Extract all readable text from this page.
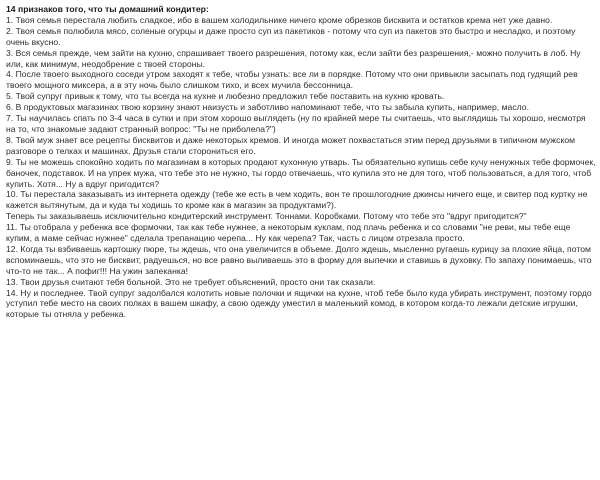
14 признаков того, что ты домашний кондитер:

1. Твоя семья перестала любить сладкое, ибо в вашем холодильнике ничего кроме обрезков бисквита и остатков крема нет уже давно.

2. Твоя семья полюбила мясо, соленые огурцы и даже просто суп из пакетиков - потому что суп из пакетов это быстро и несладко, и поэтому очень вкусно.

3. Вся семья прежде, чем зайти на кухню, спрашивает твоего разрешения, потому как, если зайти без разрешения,- можно получить в лоб. Ну или, как минимум, неодобрение с твоей стороны.

4. После твоего выходного соседи утром заходят к тебе, чтобы узнать: все ли в порядке. Потому что они привыкли засыпать под гудящий рев твоего мощного миксера, а в эту ночь было слишком тихо, и всех мучила бессонница.

5. Твой супруг привык к тому, что ты всегда на кухне и любезно предложил тебе поставить на кухню кровать.

6. В продуктовых магазинах твою корзину знают наизусть и заботливо напоминают тебе, что ты забыла купить, например, масло.

7. Ты научилась спать по 3-4 часа в сутки и при этом хорошо выглядеть (ну по крайней мере ты считаешь, что выглядишь ты хорошо, несмотря на то, что знакомые задают странный вопрос: "Ты не приболела?")

8. Твой муж знает все рецепты бисквитов и даже некоторых кремов. И иногда может похвастаться этим перед друзьями в типичном мужском разговоре о телках и машинах. Друзья стали сторониться его.

9. Ты не можешь спокойно ходить по магазинам в которых продают кухонную утварь. Ты обязательно купишь себе кучу ненужных тебе формочек, баночек, подставок. И на упрек мужа, что тебе это не нужно, ты гордо отвечаешь, что купила это не для того, чтоб пользоваться, а для того, чтоб купить. Хотя... Ну а вдруг пригодится?

10. Ты перестала заказывать из интернета одежду (тебе же есть в чем ходить, вон те прошлогодние джинсы ничего еще, и свитер под куртку не кажется вытянутым, да и куда ты ходишь то кроме как в магазин за продуктами?).

Теперь ты заказываешь исключительно кондитерский инструмент. Тоннами. Коробками. Потому что тебе это "вдруг пригодится?"

11. Ты отобрала у ребенка все формочки, так как тебе нужнее, а некоторым куклам, под плачь ребенка и со словами "не реви, мы тебе еще купим, а маме сейчас нужнее" сделала трепанацию черепа... Ну как черепа? Так, часть с лицом отрезала просто.

12. Когда ты взбиваешь картошку пюре, ты ждешь, что она увеличится в объеме. Долго ждешь, мысленно ругаешь курицу за плохие яйца, потом вспоминаешь, что это не бисквит, радуешься, но все равно выливаешь это в форму для выпечки и ставишь в духовку. По запаху понимаешь, что что-то не так... А пофиг!!! На ужин запеканка!

13. Твои друзья считают тебя больной. Это не требует объяснений, просто они так сказали.

14. Ну и последнее. Твой супруг задолбался колотить новые полочки и ящички на кухне, чтоб тебе было куда убирать инструмент, поэтому гордо уступил тебе место на своих полках в вашем шкафу, а свою одежду уместил в маленький комод, в котором когда-то лежали детские игрушки, которые ты отняла у ребенка.
